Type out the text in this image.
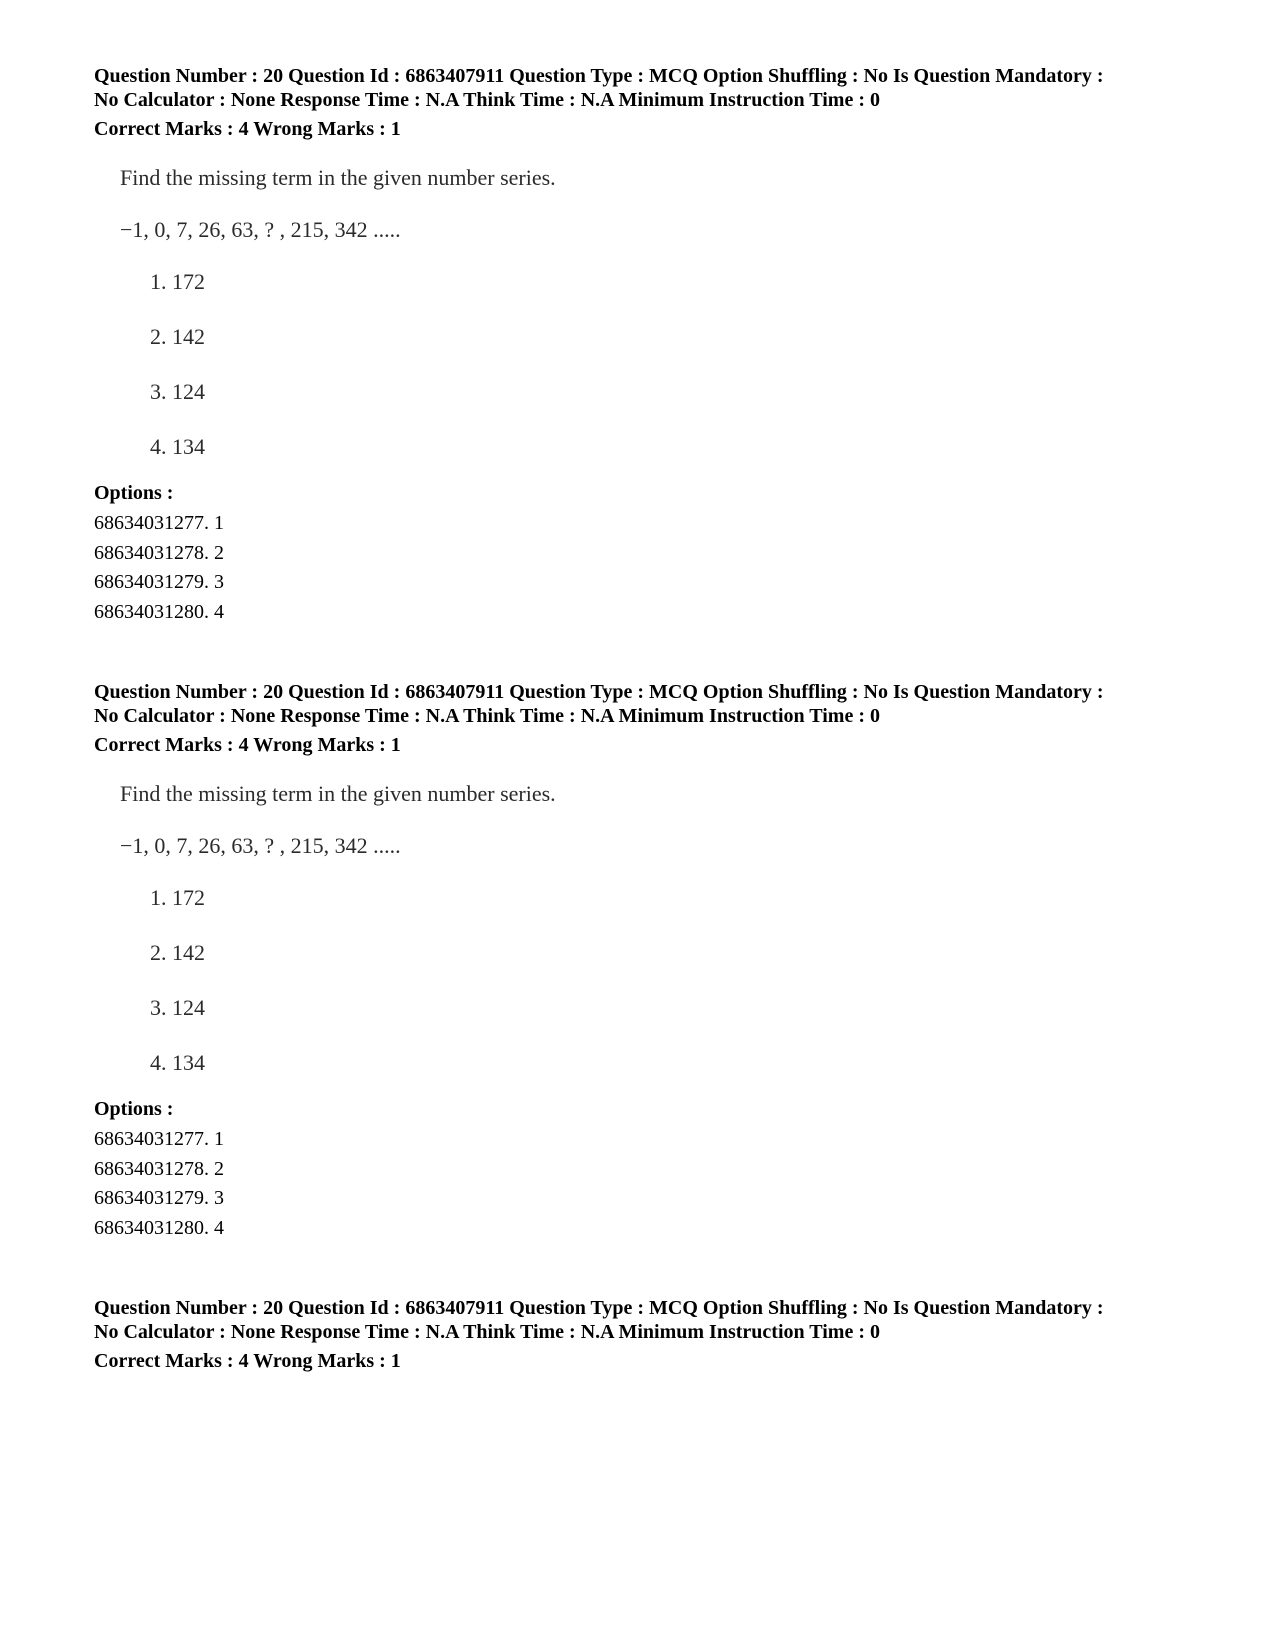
Question Number : 20 Question Id : 6863407911 Question Type : MCQ Option Shuffling : No Is Question Mandatory :

No Calculator : None Response Time : N.A Think Time : N.A Minimum Instruction Time : 0

Correct Marks : 4 Wrong Marks : 1

Find the missing term in the given number series.
−1, 0, 7, 26, 63, ? , 215, 342 .....
1. 172
2. 142
3. 124
4. 134

Options :

68634031277. 1

68634031278. 2

68634031279. 3

68634031280. 4

Question Number : 20 Question Id : 6863407911 Question Type : MCQ Option Shuffling : No Is Question Mandatory :

No Calculator : None Response Time : N.A Think Time : N.A Minimum Instruction Time : 0

Correct Marks : 4 Wrong Marks : 1

Find the missing term in the given number series.
−1, 0, 7, 26, 63, ? , 215, 342 .....
1. 172
2. 142
3. 124
4. 134

Options :

68634031277. 1

68634031278. 2

68634031279. 3

68634031280. 4

Question Number : 20 Question Id : 6863407911 Question Type : MCQ Option Shuffling : No Is Question Mandatory :

No Calculator : None Response Time : N.A Think Time : N.A Minimum Instruction Time : 0

Correct Marks : 4 Wrong Marks : 1
